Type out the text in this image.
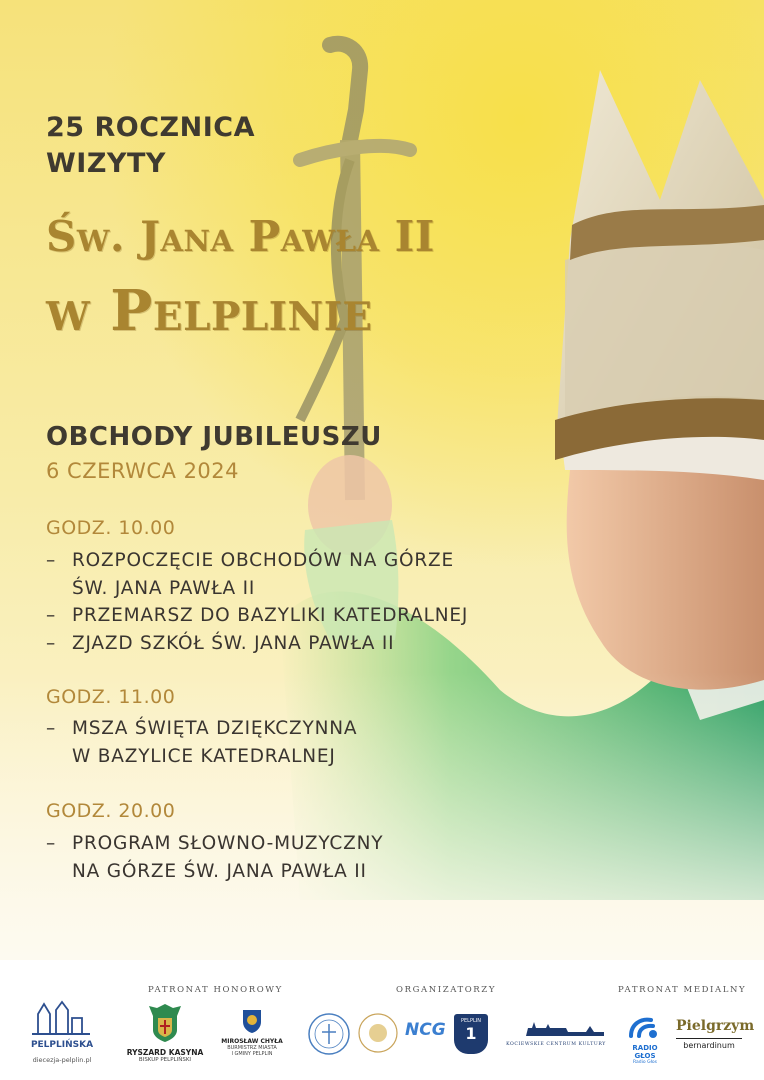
25 ROCZNICA
WIZYTY
Św. Jana Pawła II
w Pelplinie
OBCHODY JUBILEUSZU
6 CZERWCA 2024
GODZ. 10.00
– ROZPOCZĘCIE OBCHODÓW NA GÓRZE
ŚW. JANA PAWŁA II
– PRZEMARSZ DO BAZYLIKI KATEDRALNEJ
– ZJAZD SZKÓŁ ŚW. JANA PAWŁA II
GODZ. 11.00
– MSZA ŚWIĘTA DZIĘKCZYNNA
W BAZYLICE KATEDRALNEJ
GODZ. 20.00
– PROGRAM SŁOWNO-MUZYCZNY
NA GÓRZE ŚW. JANA PAWŁA II
PATRONAT HONOROWY	ORGANIZATORZY	PATRONAT MEDIALNY
PELPLIŃSKA
diecezja-pelplin.pl
RYSZARD KASYNA
BISKUP PELPLIŃSKI
MIROSŁAW CHYŁA
BURMISTRZ MIASTA
I GMINY PELPLIN
NCG	PELPLIN
1
KOCIEWSKIE CENTRUM KULTURY	RADIO GŁOS
Radio Głos
Pielgrzym
bernardinum
